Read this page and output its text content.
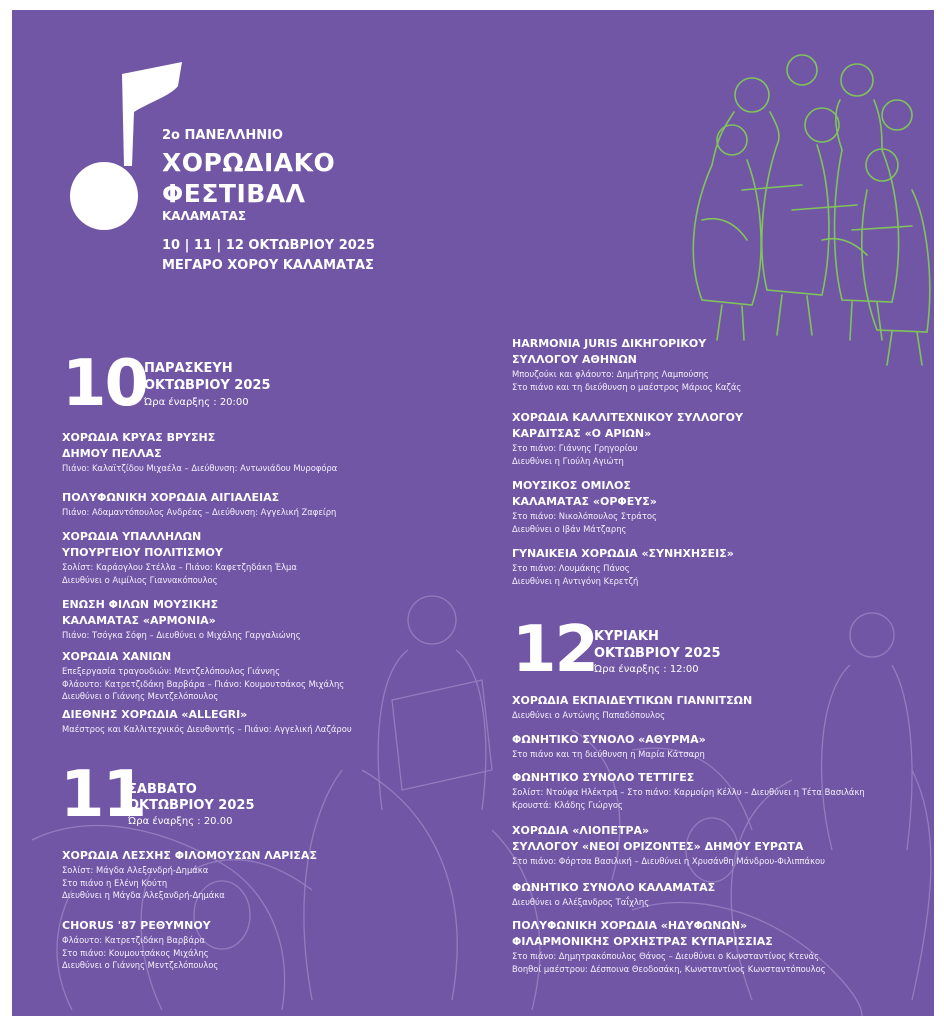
2ο ΠΑΝΕΛΛΗΝΙΟ
ΧΟΡΩΔΙΑΚΟ
ΦΕΣΤΙΒΑΛ
ΚΑΛΑΜΑΤΑΣ
10 | 11 | 12 ΟΚΤΩΒΡΙΟΥ 2025
ΜΕΓΑΡΟ ΧΟΡΟΥ ΚΑΛΑΜΑΤΑΣ
10
ΠΑΡΑΣΚΕΥΗ
ΟΚΤΩΒΡΙΟΥ 2025
Ώρα έναρξης : 20:00
ΧΟΡΩΔΙΑ ΚΡΥΑΣ ΒΡΥΣΗΣ
ΔΗΜΟΥ ΠΕΛΛΑΣ
Πιάνο: Καλαϊτζίδου Μιχαέλα – Διεύθυνση: Αντωνιάδου Μυροφόρα
ΠΟΛΥΦΩΝΙΚΗ ΧΟΡΩΔΙΑ ΑΙΓΙΑΛΕΙΑΣ
Πιάνο: Αδαμαντόπουλος Ανδρέας – Διεύθυνση: Αγγελική Ζαφείρη
ΧΟΡΩΔΙΑ ΥΠΑΛΛΗΛΩΝ
ΥΠΟΥΡΓΕΙΟΥ ΠΟΛΙΤΙΣΜΟΥ
Σολίστ: Καράογλου Στέλλα – Πιάνο: Καφετζηδάκη Έλμα
Διευθύνει ο Αιμίλιος Γιαννακόπουλος
ΕΝΩΣΗ ΦΙΛΩΝ ΜΟΥΣΙΚΗΣ
ΚΑΛΑΜΑΤΑΣ «ΑΡΜΟΝΙΑ»
Πιάνο: Τσόγκα Σόφη – Διευθύνει ο Μιχάλης Γαργαλιώνης
ΧΟΡΩΔΙΑ ΧΑΝΙΩΝ
Επεξεργασία τραγουδιών: Μεντζελόπουλος Γιάννης
Φλάουτο: Κατρετζιδάκη Βαρβάρα – Πιάνο: Κουμουτσάκος Μιχάλης
Διευθύνει ο Γιάννης Μεντζελόπουλος
ΔΙΕΘΝΗΣ ΧΟΡΩΔΙΑ «ALLEGRI»
Μαέστρος και Καλλιτεχνικός Διευθυντής – Πιάνο: Αγγελική Λαζάρου
11
ΣΑΒΒΑΤΟ
ΟΚΤΩΒΡΙΟΥ 2025
Ώρα έναρξης : 20.00
ΧΟΡΩΔΙΑ ΛΕΣΧΗΣ ΦΙΛΟΜΟΥΣΩΝ ΛΑΡΙΣΑΣ
Σολίστ: Μάγδα Αλεξανδρή-Δημάκα
Στο πιάνο η Ελένη Κούτη
Διευθύνει η Μάγδα Αλεξανδρή-Δημάκα
CHORUS '87 ΡΕΘΥΜΝΟΥ
Φλάουτο: Κατρετζιδάκη Βαρβάρα
Στο πιάνο: Κουμουτσάκος Μιχάλης
Διευθύνει ο Γιάννης Μεντζελόπουλος
HARMONIA JURIS ΔΙΚΗΓΟΡΙΚΟΥ
ΣΥΛΛΟΓΟΥ ΑΘΗΝΩΝ
Μπουζούκι και φλάουτο: Δημήτρης Λαμπούσης
Στο πιάνο και τη διεύθυνση ο μαέστρος Μάριος Καζάς
ΧΟΡΩΔΙΑ ΚΑΛΛΙΤΕΧΝΙΚΟΥ ΣΥΛΛΟΓΟΥ
ΚΑΡΔΙΤΣΑΣ «Ο ΑΡΙΩΝ»
Στο πιάνο: Γιάννης Γρηγορίου
Διευθύνει η Γιούλη Αγιώτη
ΜΟΥΣΙΚΟΣ ΟΜΙΛΟΣ
ΚΑΛΑΜΑΤΑΣ «ΟΡΦΕΥΣ»
Στο πιάνο: Νικολόπουλος Στράτος
Διευθύνει ο Ιβάν Μάτζαρης
ΓΥΝΑΙΚΕΙΑ ΧΟΡΩΔΙΑ «ΣΥΝΗΧΗΣΕΙΣ»
Στο πιάνο: Λουμάκης Πάνος
Διευθύνει η Αντιγόνη Κερετζή
12
ΚΥΡΙΑΚΗ
ΟΚΤΩΒΡΙΟΥ 2025
Ώρα έναρξης : 12:00
ΧΟΡΩΔΙΑ ΕΚΠΑΙΔΕΥΤΙΚΩΝ ΓΙΑΝΝΙΤΣΩΝ
Διευθύνει ο Αντώνης Παπαδόπουλος
ΦΩΝΗΤΙΚΟ ΣΥΝΟΛΟ «ΑΘΥΡΜΑ»
Στο πιάνο και τη διεύθυνση η Μαρία Κάτσαρη
ΦΩΝΗΤΙΚΟ ΣΥΝΟΛΟ ΤΕΤΤΙΓΕΣ
Σολίστ: Ντούφα Ηλέκτρα – Στο πιάνο: Καρμοίρη Κέλλυ – Διευθύνει η Τέτα Βασιλάκη
Κρουστά: Κλάδης Γιώργος
ΧΟΡΩΔΙΑ «ΛΙΟΠΕΤΡΑ»
ΣΥΛΛΟΓΟΥ «ΝΕΟΙ ΟΡΙΖΟΝΤΕΣ» ΔΗΜΟΥ ΕΥΡΩΤΑ
Στο πιάνο: Φόρτσα Βασιλική – Διευθύνει η Χρυσάνθη Μάνδρου-Φιλιππάκου
ΦΩΝΗΤΙΚΟ ΣΥΝΟΛΟ ΚΑΛΑΜΑΤΑΣ
Διευθύνει ο Αλέξανδρος Ταΐχλης
ΠΟΛΥΦΩΝΙΚΗ ΧΟΡΩΔΙΑ «ΗΔΥΦΩΝΩΝ»
ΦΙΛΑΡΜΟΝΙΚΗΣ ΟΡΧΗΣΤΡΑΣ ΚΥΠΑΡΙΣΣΙΑΣ
Στο πιάνο: Δημητρακόπουλος Θάνος – Διευθύνει ο Κωνσταντίνος Κτενάς
Βοηθοί μαέστρου: Δέσποινα Θεοδοσάκη, Κωνσταντίνος Κωνσταντόπουλος
